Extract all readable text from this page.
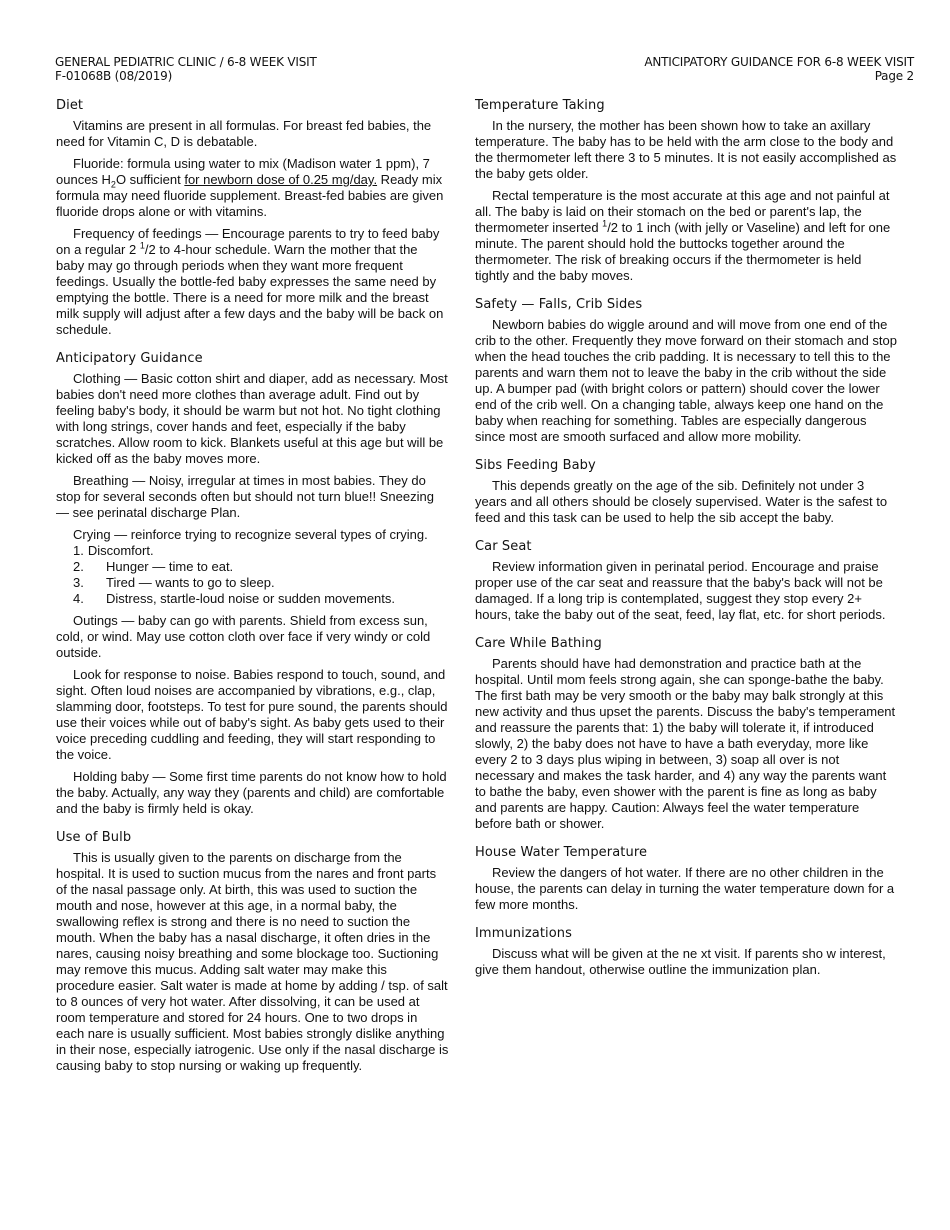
GENERAL PEDIATRIC CLINIC / 6-8 WEEK VISIT
F-01068B (08/2019)
ANTICIPATORY GUIDANCE FOR 6-8 WEEK VISIT
Page 2
Diet

Vitamins are present in all formulas. For breast fed babies, the need for Vitamin C, D is debatable.

Fluoride: formula using water to mix (Madison water 1 ppm), 7 ounces $H_2O$ sufficient for newborn dose of 0.25 mg/day. Ready mix formula may need fluoride supplement. Breast-fed babies are given fluoride drops alone or with vitamins.

Frequency of feedings — Encourage parents to try to feed baby on a regular 2 $^1$/2 to 4-hour schedule. Warn the mother that the baby may go through periods when they want more frequent feedings. Usually the bottle-fed baby expresses the same need by emptying the bottle. There is a need for more milk and the breast milk supply will adjust after a few days and the baby will be back on schedule.

Anticipatory Guidance

Clothing — Basic cotton shirt and diaper, add as necessary. Most babies don't need more clothes than average adult. Find out by feeling baby's body, it should be warm but not hot. No tight clothing with long strings, cover hands and feet, especially if the baby scratches. Allow room to kick. Blankets useful at this age but will be kicked off as the baby moves more.

Breathing — Noisy, irregular at times in most babies. They do stop for several seconds often but should not turn blue!! Sneezing — see perinatal discharge Plan.

Crying — reinforce trying to recognize several types of crying.

1. Discomfort.
2.	Hunger — time to eat.
3.	Tired — wants to go to sleep.
4.	Distress, startle-loud noise or sudden movements.

Outings — baby can go with parents. Shield from excess sun, cold, or wind. May use cotton cloth over face if very windy or cold outside.

Look for response to noise. Babies respond to touch, sound, and sight. Often loud noises are accompanied by vibrations, e.g., clap, slamming door, footsteps. To test for pure sound, the parents should use their voices while out of baby's sight. As baby gets used to their voice preceding cuddling and feeding, they will start responding to the voice.

Holding baby — Some first time parents do not know how to hold the baby. Actually, any way they (parents and child) are comfortable and the baby is firmly held is okay.

Use of Bulb

This is usually given to the parents on discharge from the hospital. It is used to suction mucus from the nares and front parts of the nasal passage only. At birth, this was used to suction the mouth and nose, however at this age, in a normal baby, the swallowing reflex is strong and there is no need to suction the mouth. When the baby has a nasal discharge, it often dries in the nares, causing noisy breathing and some blockage too. Suctioning may remove this mucus. Adding salt water may make this procedure easier. Salt water is made at home by adding / tsp. of salt to 8 ounces of very hot water. After dissolving, it can be used at room temperature and stored for 24 hours. One to two drops in each nare is usually sufficient. Most babies strongly dislike anything in their nose, especially iatrogenic. Use only if the nasal discharge is causing baby to stop nursing or waking up frequently.

Temperature Taking

In the nursery, the mother has been shown how to take an axillary temperature. The baby has to be held with the arm close to the body and the thermometer left there 3 to 5 minutes. It is not easily accomplished as the baby gets older.

Rectal temperature is the most accurate at this age and not painful at all. The baby is laid on their stomach on the bed or parent's lap, the thermometer inserted $^1$/2 to 1 inch (with jelly or Vaseline) and left for one minute. The parent should hold the buttocks together around the thermometer. The risk of breaking occurs if the thermometer is held tightly and the baby moves.

Safety — Falls, Crib Sides

Newborn babies do wiggle around and will move from one end of the crib to the other. Frequently they move forward on their stomach and stop when the head touches the crib padding. It is necessary to tell this to the parents and warn them not to leave the baby in the crib without the side up. A bumper pad (with bright colors or pattern) should cover the lower end of the crib well. On a changing table, always keep one hand on the baby when reaching for something. Tables are especially dangerous since most are smooth surfaced and allow more mobility.

Sibs Feeding Baby

This depends greatly on the age of the sib. Definitely not under 3 years and all others should be closely supervised. Water is the safest to feed and this task can be used to help the sib accept the baby.

Car Seat

Review information given in perinatal period. Encourage and praise proper use of the car seat and reassure that the baby's back will not be damaged. If a long trip is contemplated, suggest they stop every 2+ hours, take the baby out of the seat, feed, lay flat, etc. for short periods.

Care While Bathing

Parents should have had demonstration and practice bath at the hospital. Until mom feels strong again, she can sponge-bathe the baby. The first bath may be very smooth or the baby may balk strongly at this new activity and thus upset the parents. Discuss the baby's temperament and reassure the parents that: 1) the baby will tolerate it, if introduced slowly, 2) the baby does not have to have a bath everyday, more like every 2 to 3 days plus wiping in between, 3) soap all over is not necessary and makes the task harder, and 4) any way the parents want to bathe the baby, even shower with the parent is fine as long as baby and parents are happy. Caution: Always feel the water temperature before bath or shower.

House Water Temperature

Review the dangers of hot water. If there are no other children in the house, the parents can delay in turning the water temperature down for a few more months.

Immunizations

Discuss what will be given at the ne xt visit. If parents sho w interest, give them handout, otherwise outline the immunization plan.
